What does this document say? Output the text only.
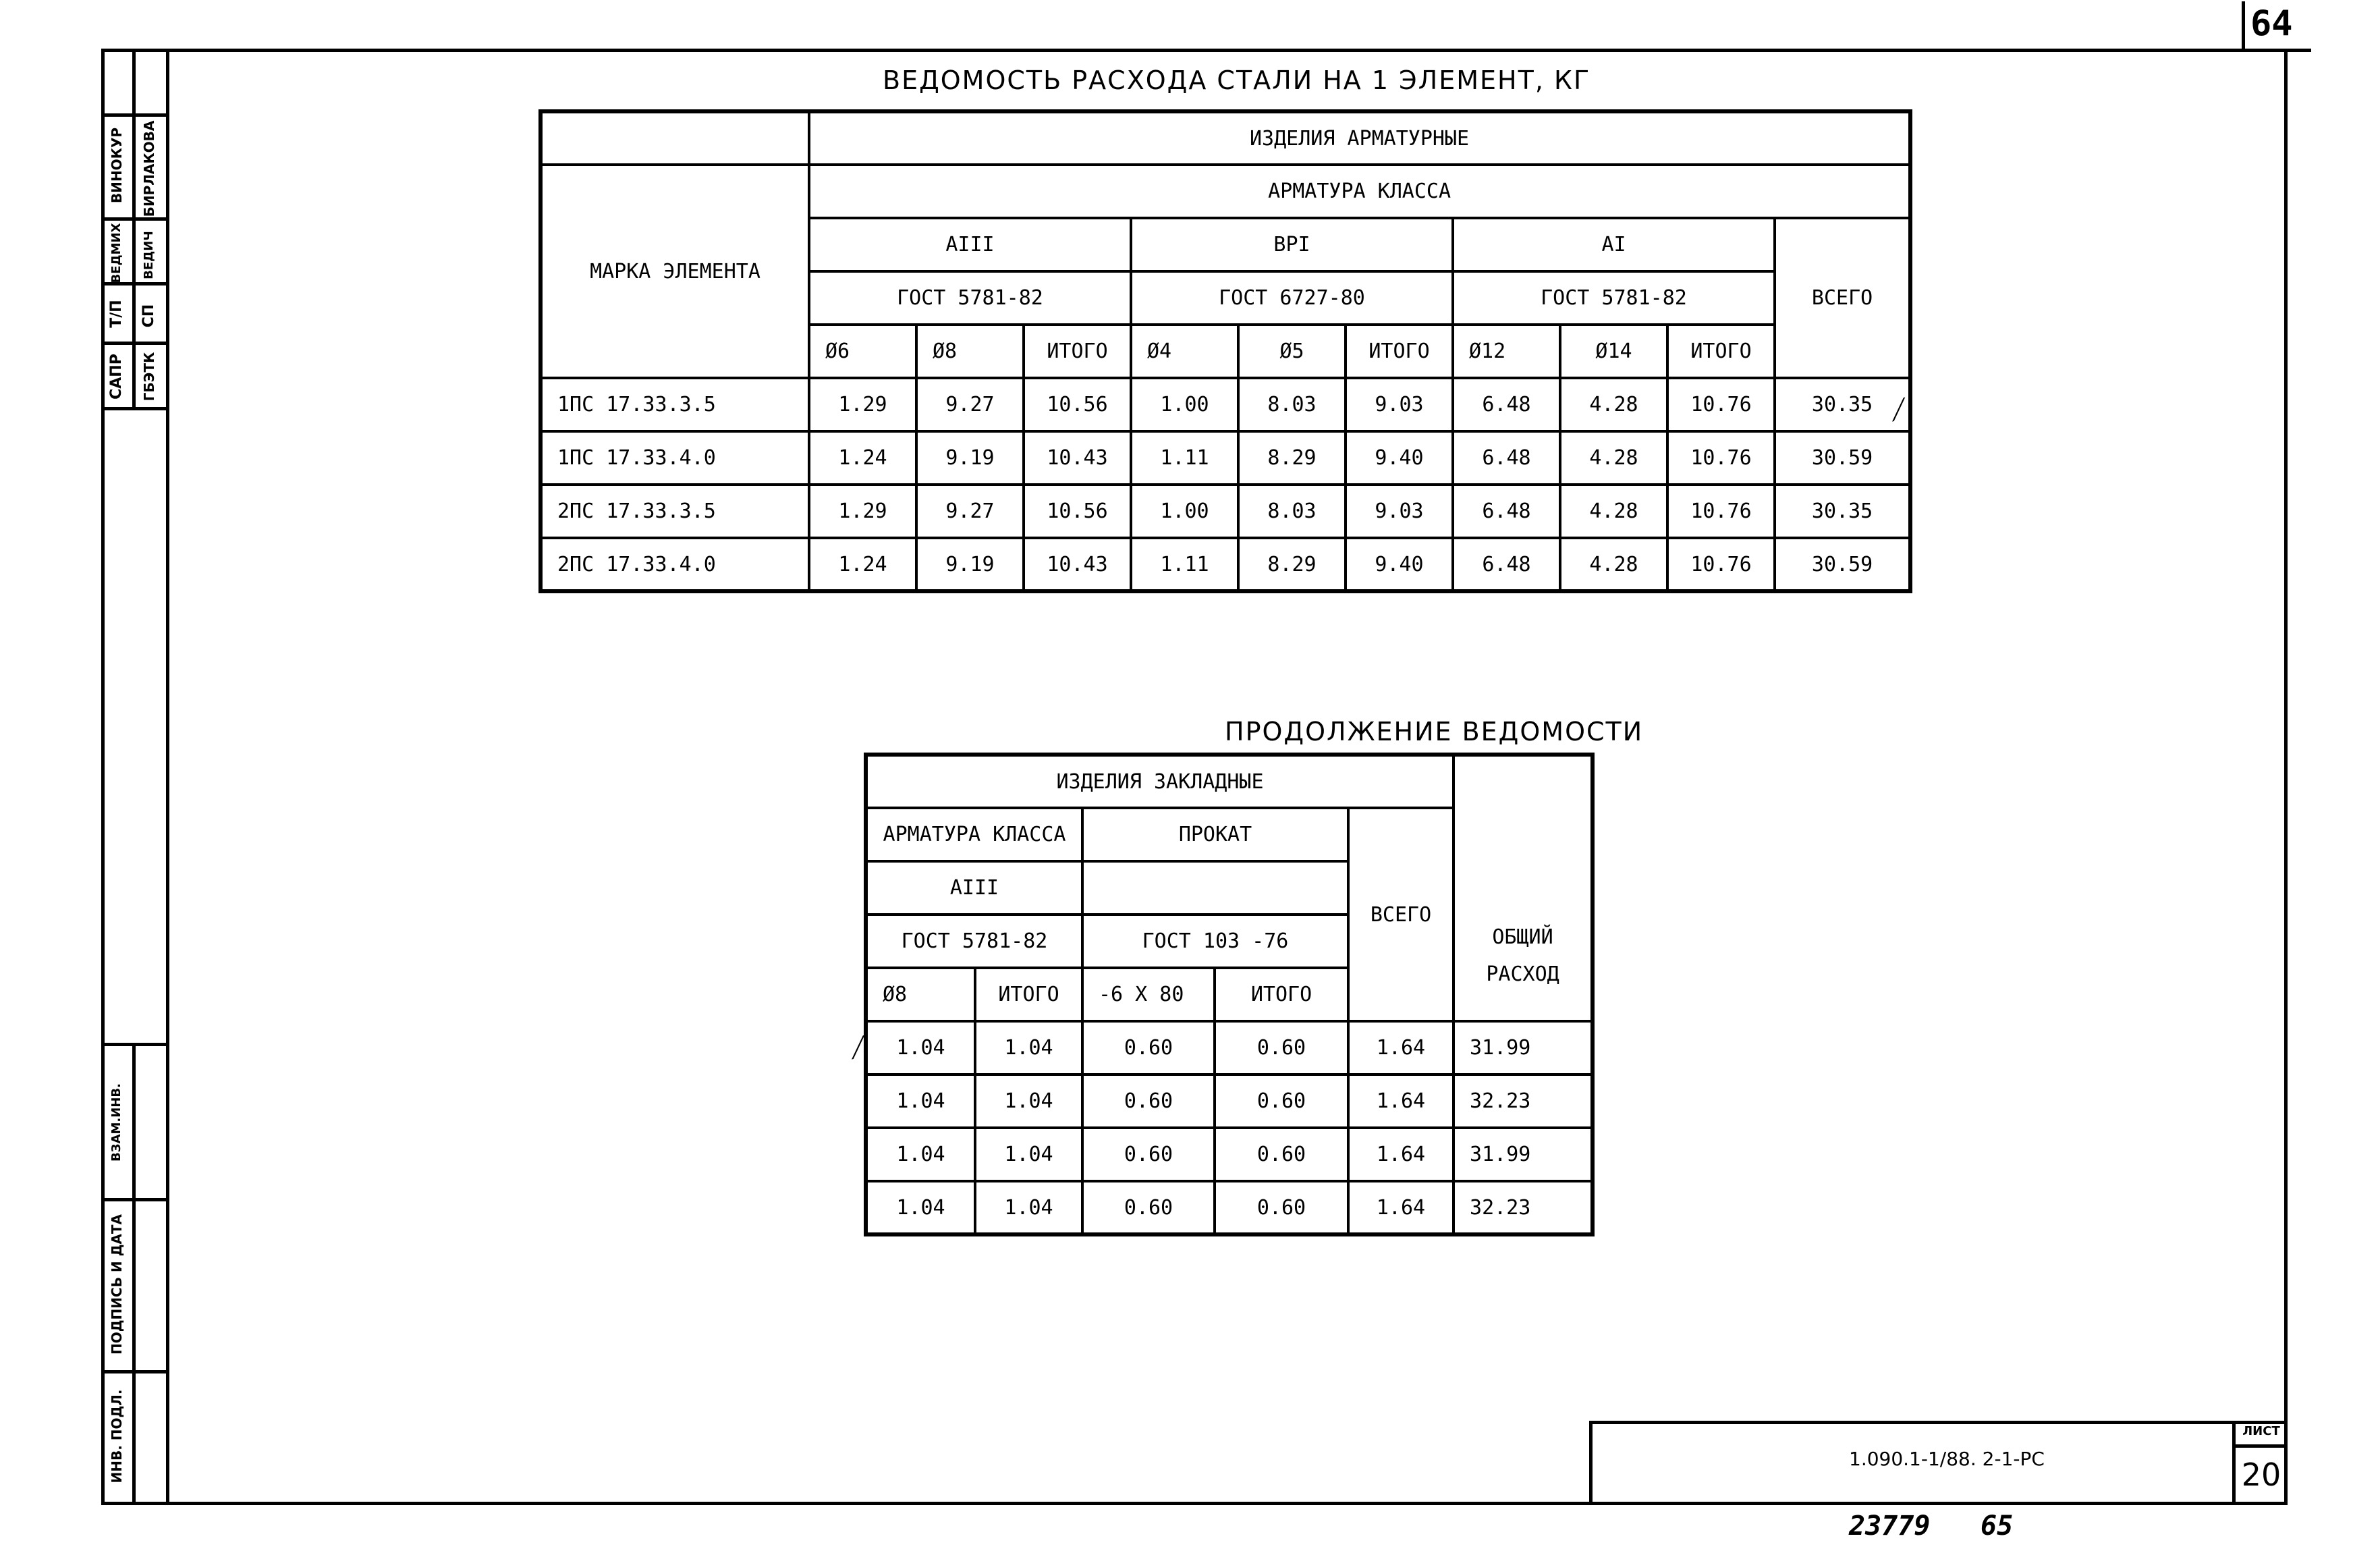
64
ВИНОКУР
ВЕДМИХ
Т/П
САПР
БИРЛАКОВА
ВЕДИЧ
СП
ГБЭТК
ВЗАМ.ИНВ.
ПОДПИСЬ И ДАТА
ИНВ. ПОДЛ.
ВЕДОМОСТЬ РАСХОДА СТАЛИ НА 1 ЭЛЕМЕНТ, КГ
	ИЗДЕЛИЯ АРМАТУРНЫЕ									
МАРКА ЭЛЕМЕНТА	АРМАТУРА КЛАССА									
	AIII			ВРI			AI			ВСЕГО
	ГОСТ 5781-82			ГОСТ 6727-80			ГОСТ 5781-82			
	Ø6	Ø8	ИТОГО	Ø4	Ø5	ИТОГО	Ø12	Ø14	ИТОГО	
1ПС 17.33.3.5	1.29	9.27	10.56	1.00	8.03	9.03	6.48	4.28	10.76	30.35
1ПС 17.33.4.0	1.24	9.19	10.43	1.11	8.29	9.40	6.48	4.28	10.76	30.59
2ПС 17.33.3.5	1.29	9.27	10.56	1.00	8.03	9.03	6.48	4.28	10.76	30.35
2ПС 17.33.4.0	1.24	9.19	10.43	1.11	8.29	9.40	6.48	4.28	10.76	30.59
⟋
ПРОДОЛЖЕНИЕ ВЕДОМОСТИ
ИЗДЕЛИЯ ЗАКЛАДНЫЕ					ОБЩИЙ РАСХОД
АРМАТУРА КЛАССА		ПРОКАТ		ВСЕГО	
AIII					
ГОСТ 5781-82		ГОСТ 103 -76			
Ø8	ИТОГО	-6 X 80	ИТОГО		
1.04	1.04	0.60	0.60	1.64	31.99
1.04	1.04	0.60	0.60	1.64	32.23
1.04	1.04	0.60	0.60	1.64	31.99
1.04	1.04	0.60	0.60	1.64	32.23
⟋
1.090.1-1/88. 2-1-PC
ЛИСТ
20
23779 65
